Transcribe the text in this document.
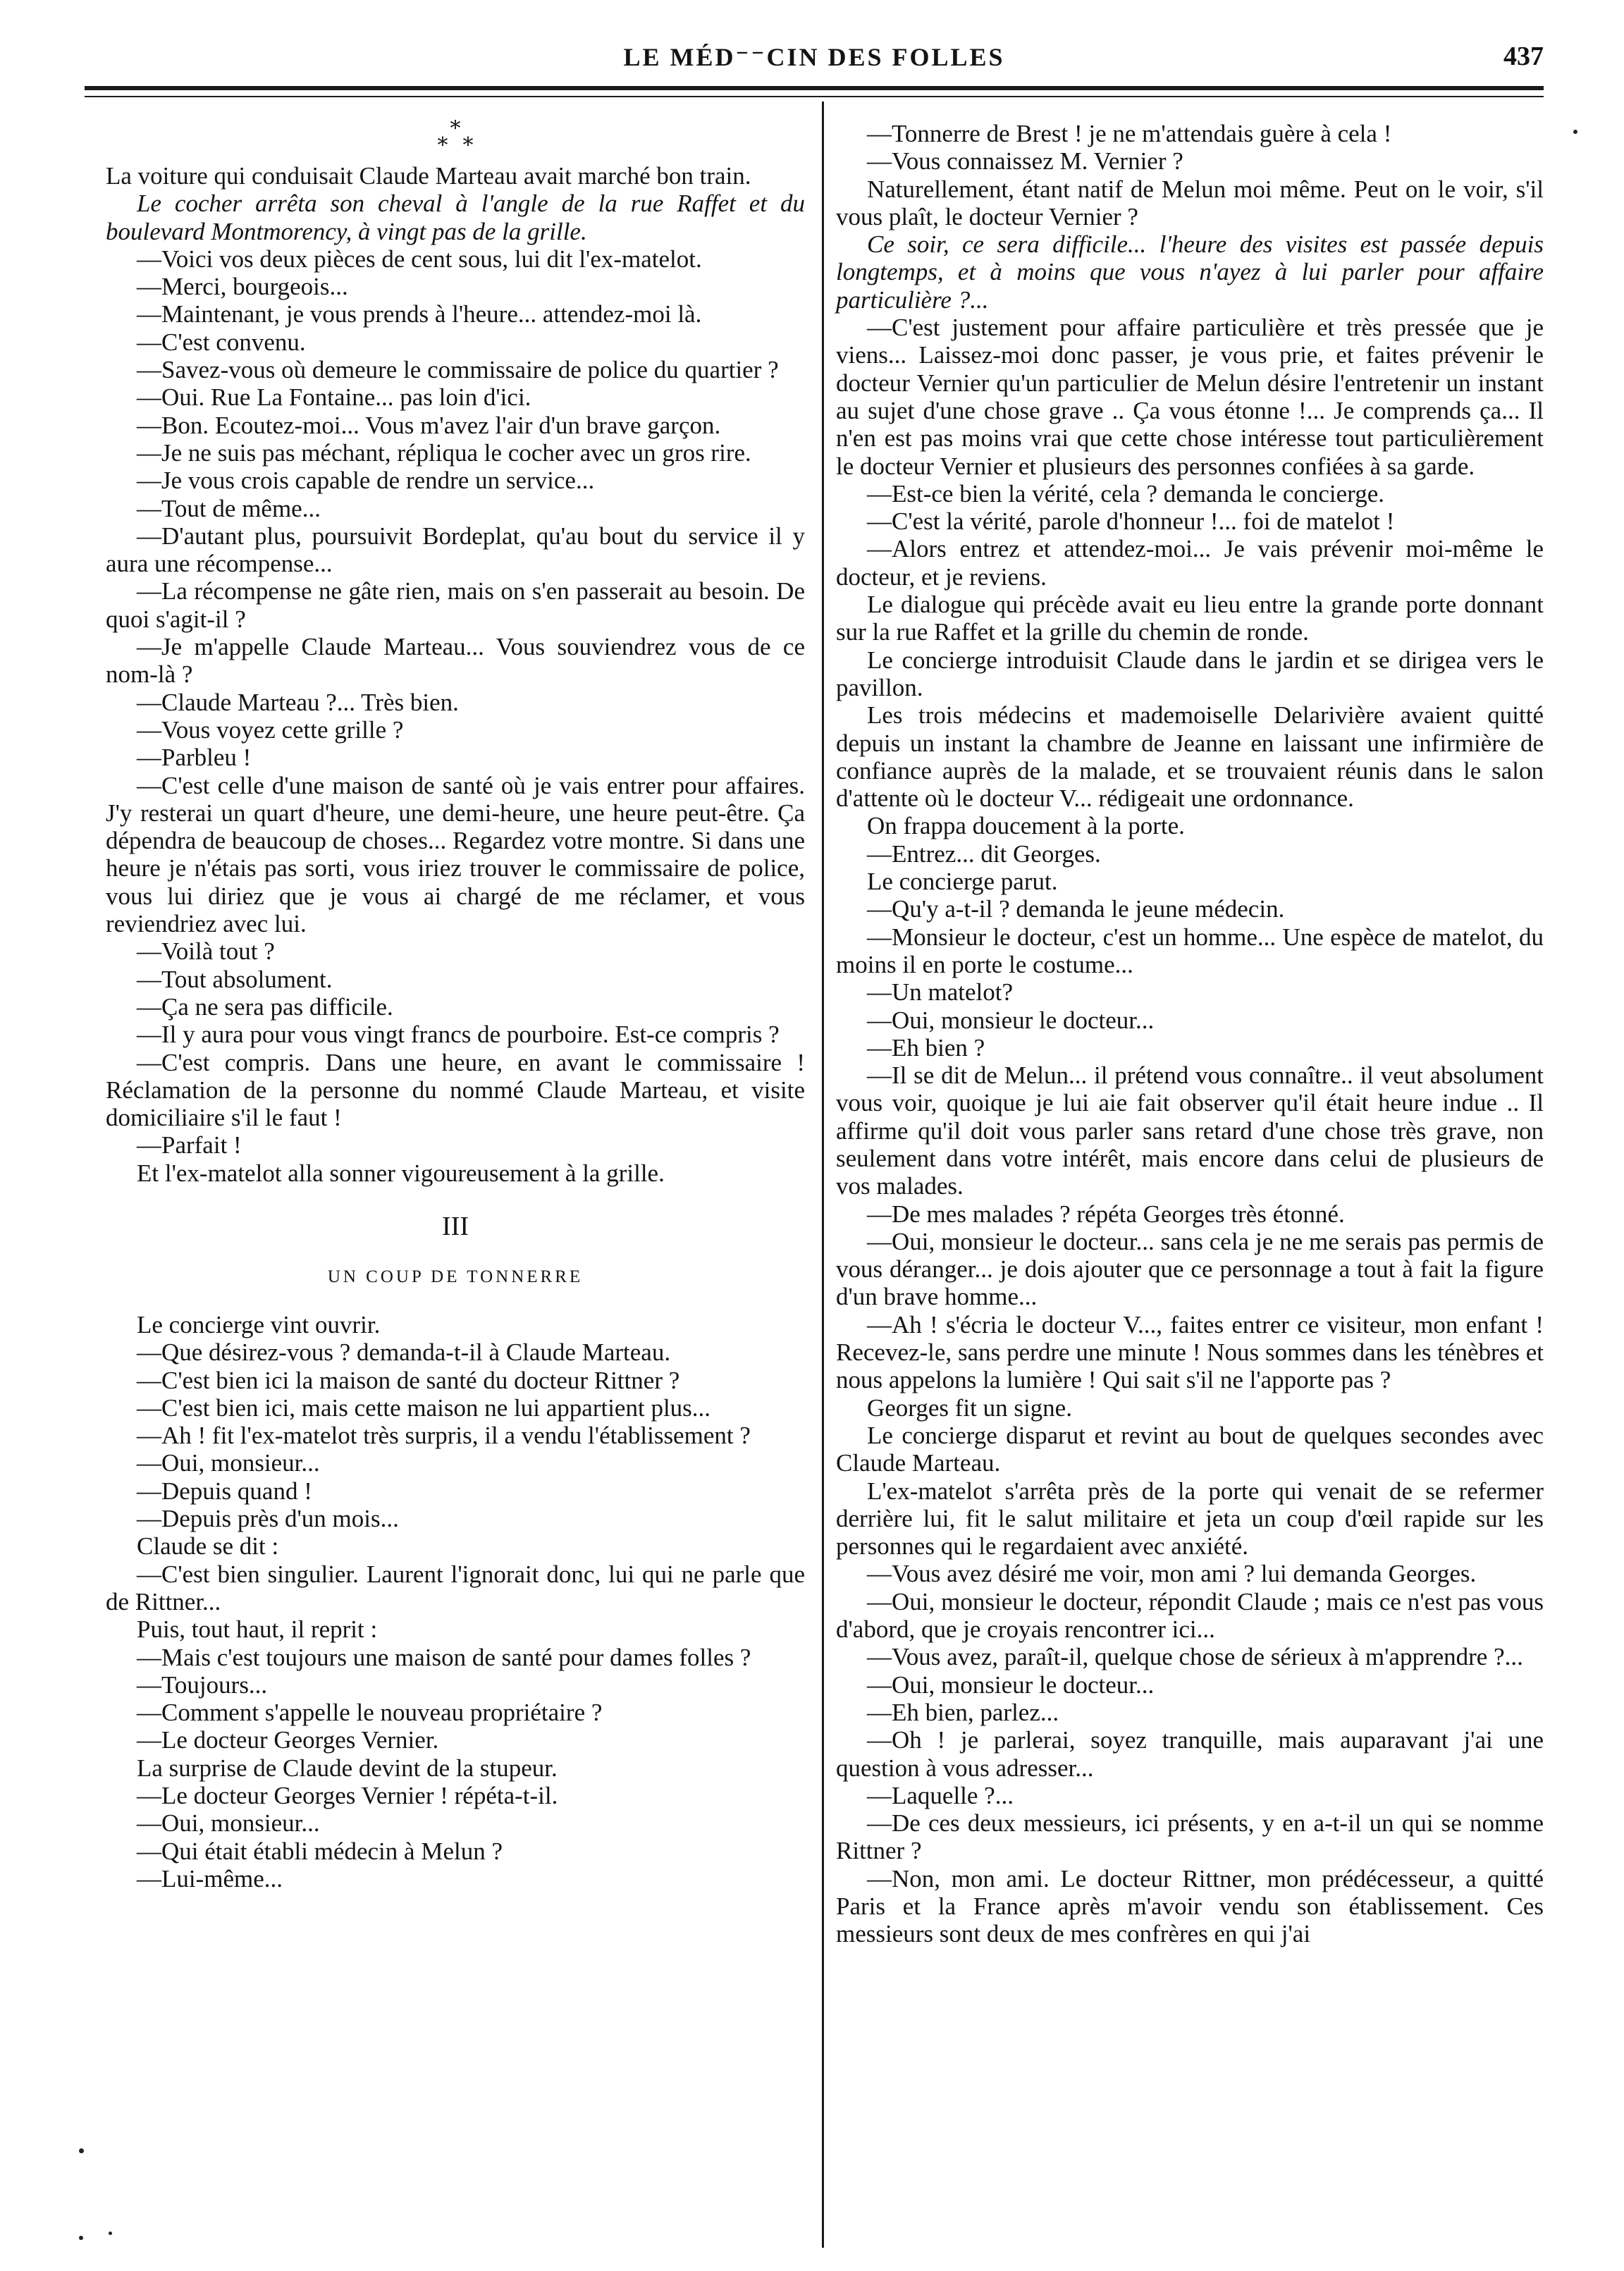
LE MÉD⁻⁻CIN DES FOLLES	437
*
* *

La voiture qui conduisait Claude Marteau avait marché bon train.

Le cocher arrêta son cheval à l'angle de la rue Raffet et du boulevard Montmorency, à vingt pas de la grille.

—Voici vos deux pièces de cent sous, lui dit l'ex-matelot.

—Merci, bourgeois...

—Maintenant, je vous prends à l'heure... attendez-moi là.

—C'est convenu.

—Savez-vous où demeure le commissaire de police du quartier ?

—Oui. Rue La Fontaine... pas loin d'ici.

—Bon. Ecoutez-moi... Vous m'avez l'air d'un brave garçon.

—Je ne suis pas méchant, répliqua le cocher avec un gros rire.

—Je vous crois capable de rendre un service...

—Tout de même...

—D'autant plus, poursuivit Bordeplat, qu'au bout du service il y aura une récompense...

—La récompense ne gâte rien, mais on s'en passerait au besoin. De quoi s'agit-il ?

—Je m'appelle Claude Marteau... Vous souviendrez vous de ce nom-là ?

—Claude Marteau ?... Très bien.

—Vous voyez cette grille ?

—Parbleu !

—C'est celle d'une maison de santé où je vais entrer pour affaires. J'y resterai un quart d'heure, une demi-heure, une heure peut-être. Ça dépendra de beaucoup de choses... Regardez votre montre. Si dans une heure je n'étais pas sorti, vous iriez trouver le commissaire de police, vous lui diriez que je vous ai chargé de me réclamer, et vous reviendriez avec lui.

—Voilà tout ?

—Tout absolument.

—Ça ne sera pas difficile.

—Il y aura pour vous vingt francs de pourboire. Est-ce compris ?

—C'est compris. Dans une heure, en avant le commissaire ! Réclamation de la personne du nommé Claude Marteau, et visite domiciliaire s'il le faut !

—Parfait !

Et l'ex-matelot alla sonner vigoureusement à la grille.

III
UN COUP DE TONNERRE

Le concierge vint ouvrir.

—Que désirez-vous ? demanda-t-il à Claude Marteau.

—C'est bien ici la maison de santé du docteur Rittner ?

—C'est bien ici, mais cette maison ne lui appartient plus...

—Ah ! fit l'ex-matelot très surpris, il a vendu l'établissement ?

—Oui, monsieur...

—Depuis quand !

—Depuis près d'un mois...

Claude se dit :

—C'est bien singulier. Laurent l'ignorait donc, lui qui ne parle que de Rittner...

Puis, tout haut, il reprit :

—Mais c'est toujours une maison de santé pour dames folles ?

—Toujours...

—Comment s'appelle le nouveau propriétaire ?

—Le docteur Georges Vernier.

La surprise de Claude devint de la stupeur.

—Le docteur Georges Vernier ! répéta-t-il.

—Oui, monsieur...

—Qui était établi médecin à Melun ?

—Lui-même...

—Tonnerre de Brest ! je ne m'attendais guère à cela !

—Vous connaissez M. Vernier ?

Naturellement, étant natif de Melun moi même. Peut on le voir, s'il vous plaît, le docteur Vernier ?

Ce soir, ce sera difficile... l'heure des visites est passée depuis longtemps, et à moins que vous n'ayez à lui parler pour affaire particulière ?...

—C'est justement pour affaire particulière et très pressée que je viens... Laissez-moi donc passer, je vous prie, et faites prévenir le docteur Vernier qu'un particulier de Melun désire l'entretenir un instant au sujet d'une chose grave .. Ça vous étonne !... Je comprends ça... Il n'en est pas moins vrai que cette chose intéresse tout particulièrement le docteur Vernier et plusieurs des personnes confiées à sa garde.

—Est-ce bien la vérité, cela ? demanda le concierge.

—C'est la vérité, parole d'honneur !... foi de matelot !

—Alors entrez et attendez-moi... Je vais prévenir moi-même le docteur, et je reviens.

Le dialogue qui précède avait eu lieu entre la grande porte donnant sur la rue Raffet et la grille du chemin de ronde.

Le concierge introduisit Claude dans le jardin et se dirigea vers le pavillon.

Les trois médecins et mademoiselle Delarivière avaient quitté depuis un instant la chambre de Jeanne en laissant une infirmière de confiance auprès de la malade, et se trouvaient réunis dans le salon d'attente où le docteur V... rédigeait une ordonnance.

On frappa doucement à la porte.

—Entrez... dit Georges.

Le concierge parut.

—Qu'y a-t-il ? demanda le jeune médecin.

—Monsieur le docteur, c'est un homme... Une espèce de matelot, du moins il en porte le costume...

—Un matelot?

—Oui, monsieur le docteur...

—Eh bien ?

—Il se dit de Melun... il prétend vous connaître.. il veut absolument vous voir, quoique je lui aie fait observer qu'il était heure indue .. Il affirme qu'il doit vous parler sans retard d'une chose très grave, non seulement dans votre intérêt, mais encore dans celui de plusieurs de vos malades.

—De mes malades ? répéta Georges très étonné.

—Oui, monsieur le docteur... sans cela je ne me serais pas permis de vous déranger... je dois ajouter que ce personnage a tout à fait la figure d'un brave homme...

—Ah ! s'écria le docteur V..., faites entrer ce visiteur, mon enfant ! Recevez-le, sans perdre une minute ! Nous sommes dans les ténèbres et nous appelons la lumière ! Qui sait s'il ne l'apporte pas ?

Georges fit un signe.

Le concierge disparut et revint au bout de quelques secondes avec Claude Marteau.

L'ex-matelot s'arrêta près de la porte qui venait de se refermer derrière lui, fit le salut militaire et jeta un coup d'œil rapide sur les personnes qui le regardaient avec anxiété.

—Vous avez désiré me voir, mon ami ? lui demanda Georges.

—Oui, monsieur le docteur, répondit Claude ; mais ce n'est pas vous d'abord, que je croyais rencontrer ici...

—Vous avez, paraît-il, quelque chose de sérieux à m'apprendre ?...

—Oui, monsieur le docteur...

—Eh bien, parlez...

—Oh ! je parlerai, soyez tranquille, mais auparavant j'ai une question à vous adresser...

—Laquelle ?...

—De ces deux messieurs, ici présents, y en a-t-il un qui se nomme Rittner ?

—Non, mon ami. Le docteur Rittner, mon prédécesseur, a quitté Paris et la France après m'avoir vendu son établissement. Ces messieurs sont deux de mes confrères en qui j'ai
